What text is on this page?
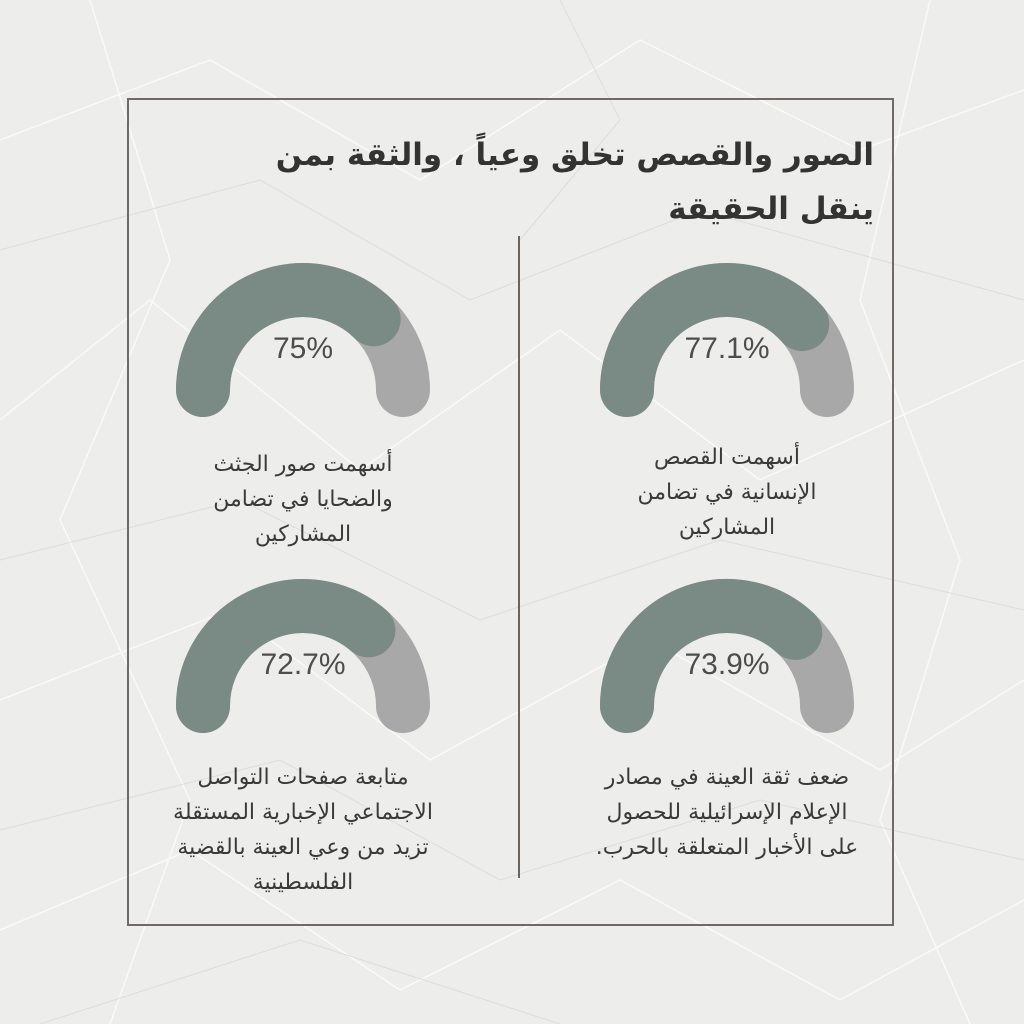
الصور والقصص تخلق وعياً ، والثقة بمن ينقل الحقيقة
77.1%
أسهمت القصص
الإنسانية في تضامن
المشاركين
75%
أسهمت صور الجثث
والضحايا في تضامن
المشاركين
73.9%
ضعف ثقة العينة في مصادر
الإعلام الإسرائيلية للحصول
على الأخبار المتعلقة بالحرب.
72.7%
متابعة صفحات التواصل
الاجتماعي الإخبارية المستقلة
تزيد من وعي العينة بالقضية
الفلسطينية
